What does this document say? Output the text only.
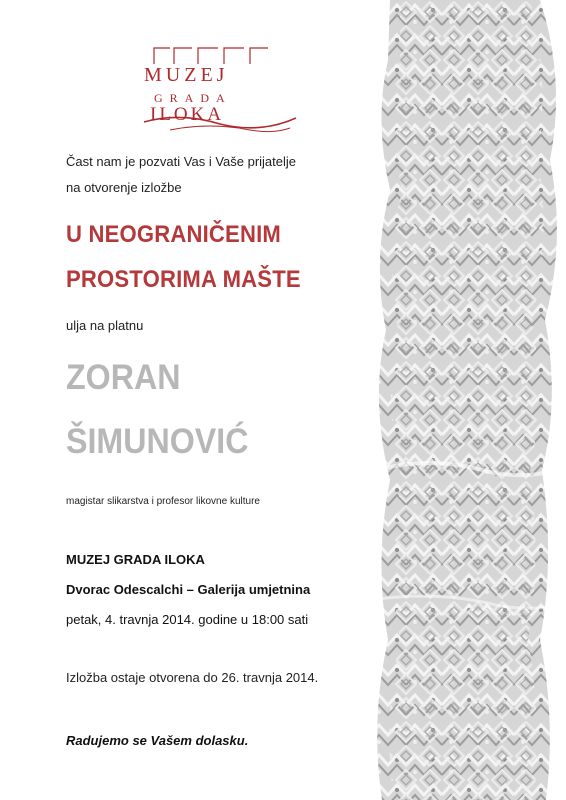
MUZEJ
GRADA
ILOKA
Čast nam je pozvati Vas i Vaše prijatelje
na otvorenje izložbe
U NEOGRANIČENIM
PROSTORIMA MAŠTE
ulja na platnu
ZORAN
ŠIMUNOVIĆ
magistar slikarstva i profesor likovne kulture
MUZEJ GRADA ILOKA
Dvorac Odescalchi – Galerija umjetnina
petak, 4. travnja 2014. godine u 18:00 sati
Izložba ostaje otvorena do 26. travnja 2014.
Radujemo se Vašem dolasku.
